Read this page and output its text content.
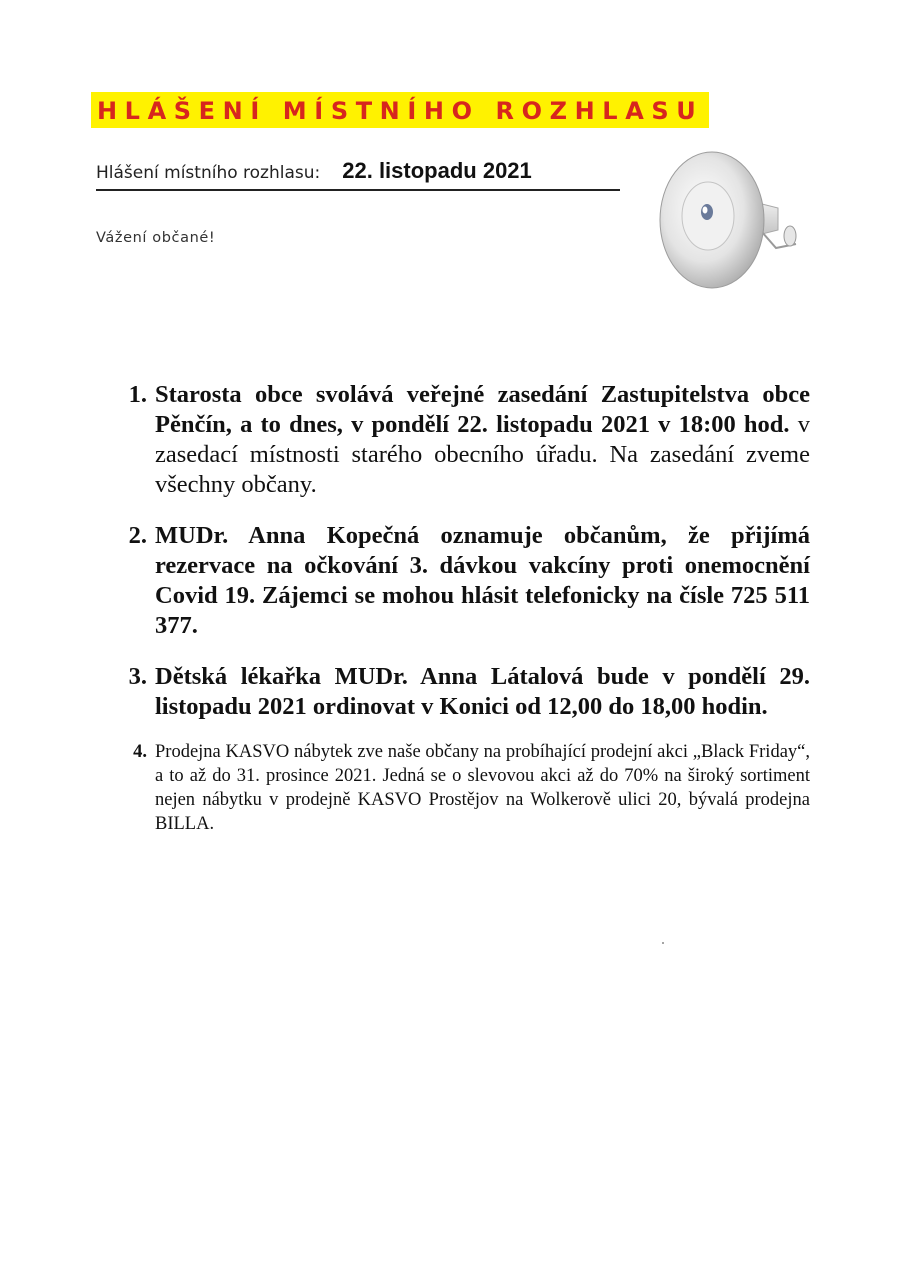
HLÁŠENÍ MÍSTNÍHO ROZHLASU
Hlášení místního rozhlasu: 22. listopadu 2021
Vážení občané!
1. Starosta obce svolává veřejné zasedání Zastupitelstva obce Pěnčín, a to dnes, v pondělí 22. listopadu 2021 v 18:00 hod. v zasedací místnosti starého obecního úřadu. Na zasedání zveme všechny občany.
2. MUDr. Anna Kopečná oznamuje občanům, že přijímá rezervace na očkování 3. dávkou vakcíny proti onemocnění Covid 19. Zájemci se mohou hlásit telefonicky na čísle 725 511 377.
3. Dětská lékařka MUDr. Anna Látalová bude v pondělí 29. listopadu 2021 ordinovat v Konici od 12,00 do 18,00 hodin.
4. Prodejna KASVO nábytek zve naše občany na probíhající prodejní akci „Black Friday“, a to až do 31. prosince 2021. Jedná se o slevovou akci až do 70% na široký sortiment nejen nábytku v prodejně KASVO Prostějov na Wolkerově ulici 20, bývalá prodejna BILLA.
